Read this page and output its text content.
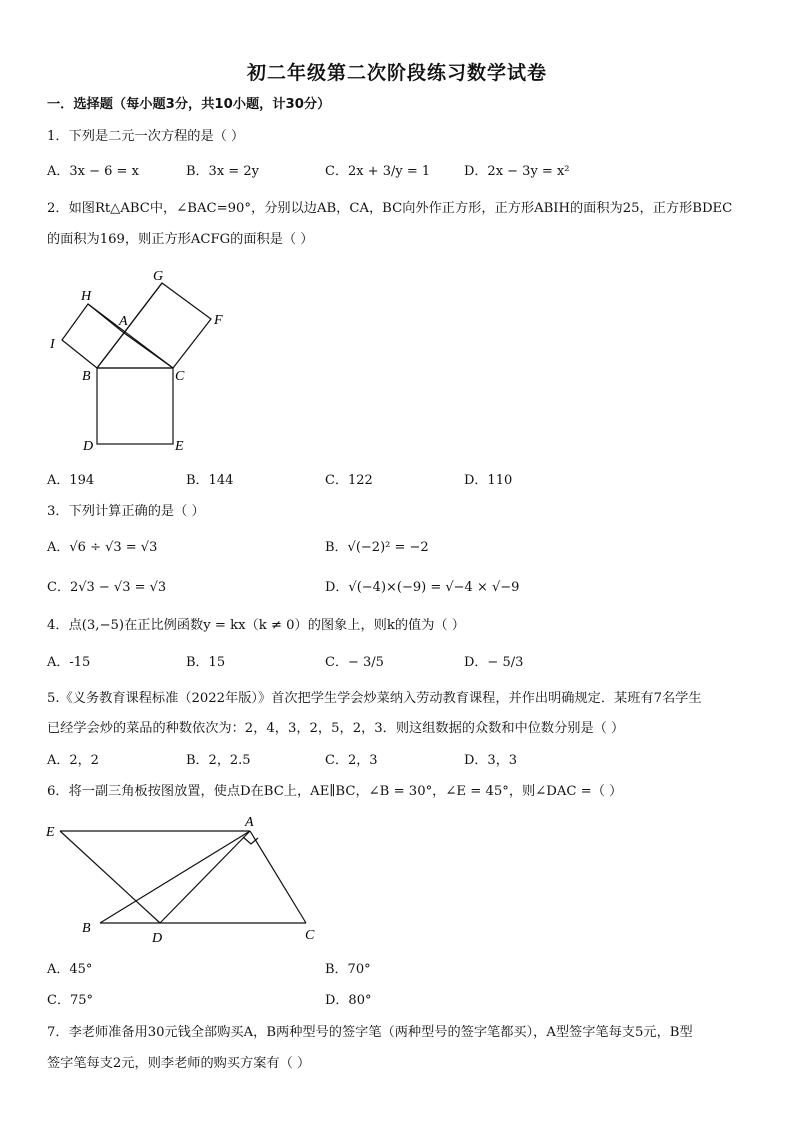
初二年级第二次阶段练习数学试卷
一．选择题（每小题3分，共10小题，计30分）
1．下列是二元一次方程的是（ ）
A．3x − 6 = x	B．3x = 2y	C．2x + 3/y = 1	D．2x − 3y = x²
2．如图Rt△ABC中，∠BAC=90°，分别以边AB，CA，BC向外作正方形，正方形ABIH的面积为25，正方形BDEC
的面积为169，则正方形ACFG的面积是（ ）
G
H
A	F
I
B	C
D	E
A．194	B．144	C．122	D．110
3．下列计算正确的是（ ）
A．√6 ÷ √3 = √3	B．√(−2)² = −2
C．2√3 − √3 = √3	D．√(−4)×(−9) = √−4 × √−9
4．点(3,−5)在正比例函数y = kx（k ≠ 0）的图象上，则k的值为（ ）
A．-15	B．15	C．− 3/5	D．− 5/3
5.《义务教育课程标准（2022年版）》首次把学生学会炒菜纳入劳动教育课程，并作出明确规定．某班有7名学生
已经学会炒的菜品的种数依次为：2，4，3，2，5，2，3．则这组数据的众数和中位数分别是（ ）
A．2，2	B．2，2.5	C．2，3	D．3，3
6．将一副三角板按图放置，使点D在BC上，AE∥BC，∠B = 30°，∠E = 45°，则∠DAC =（ ）
E
A
B
D	C
A．45°	B．70°
C．75°	D．80°
7．李老师准备用30元钱全部购买A，B两种型号的签字笔（两种型号的签字笔都买），A型签字笔每支5元，B型
签字笔每支2元，则李老师的购买方案有（ ）
